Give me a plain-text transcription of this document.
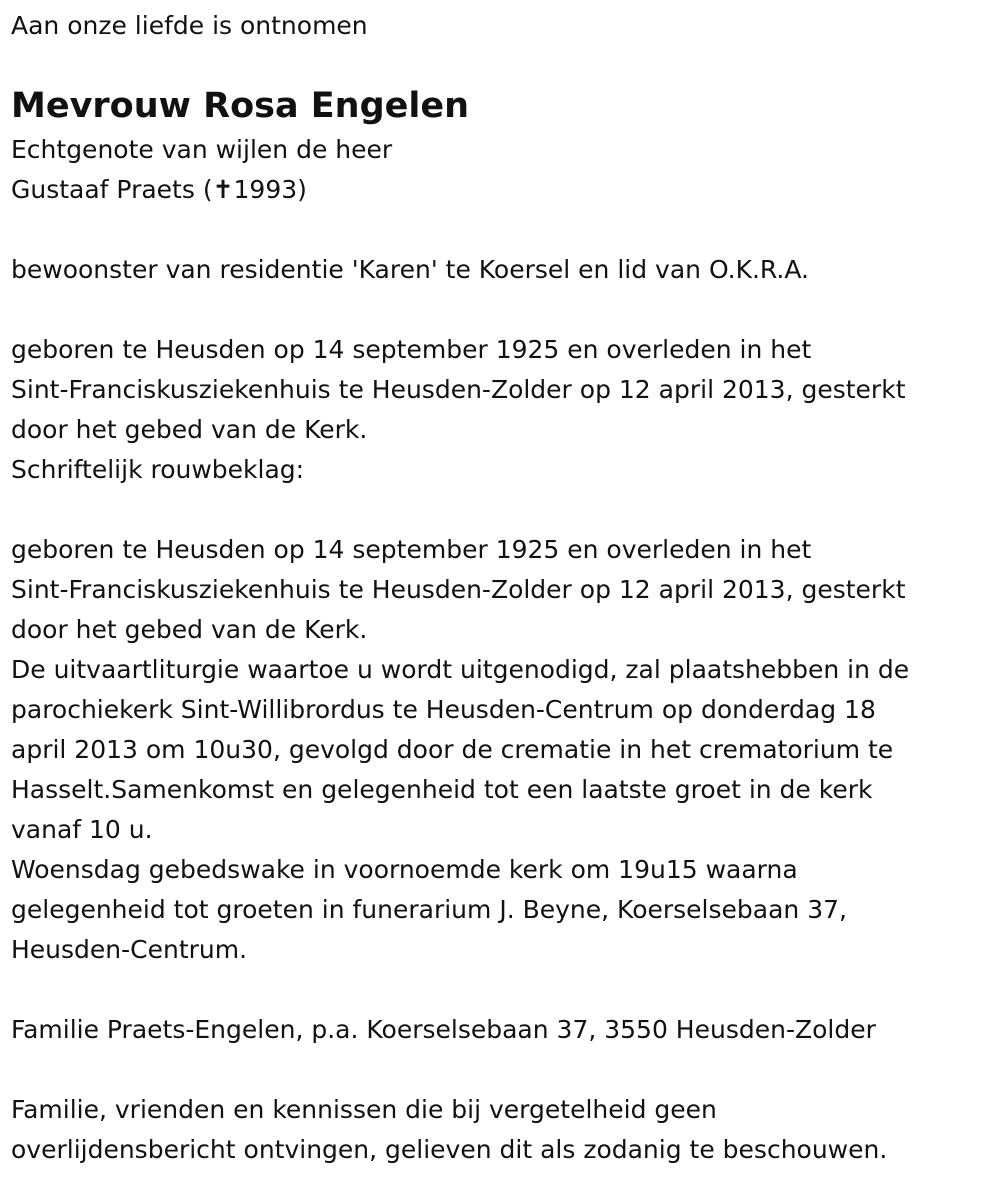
Aan onze liefde is ontnomen
Mevrouw Rosa Engelen
Echtgenote van wijlen de heer
Gustaaf Praets (✝1993)
bewoonster van residentie 'Karen' te Koersel en lid van O.K.R.A.
geboren te Heusden op 14 september 1925 en overleden in het
Sint-Franciskusziekenhuis te Heusden-Zolder op 12 april 2013, gesterkt
door het gebed van de Kerk.
Schriftelijk rouwbeklag:
geboren te Heusden op 14 september 1925 en overleden in het
Sint-Franciskusziekenhuis te Heusden-Zolder op 12 april 2013, gesterkt
door het gebed van de Kerk.
De uitvaartliturgie waartoe u wordt uitgenodigd, zal plaatshebben in de
parochiekerk Sint-Willibrordus te Heusden-Centrum op donderdag 18
april 2013 om 10u30, gevolgd door de crematie in het crematorium te
Hasselt.Samenkomst en gelegenheid tot een laatste groet in de kerk
vanaf 10 u.
Woensdag gebedswake in voornoemde kerk om 19u15 waarna
gelegenheid tot groeten in funerarium J. Beyne, Koerselsebaan 37,
Heusden-Centrum.
Familie Praets-Engelen, p.a. Koerselsebaan 37, 3550 Heusden-Zolder
Familie, vrienden en kennissen die bij vergetelheid geen
overlijdensbericht ontvingen, gelieven dit als zodanig te beschouwen.
